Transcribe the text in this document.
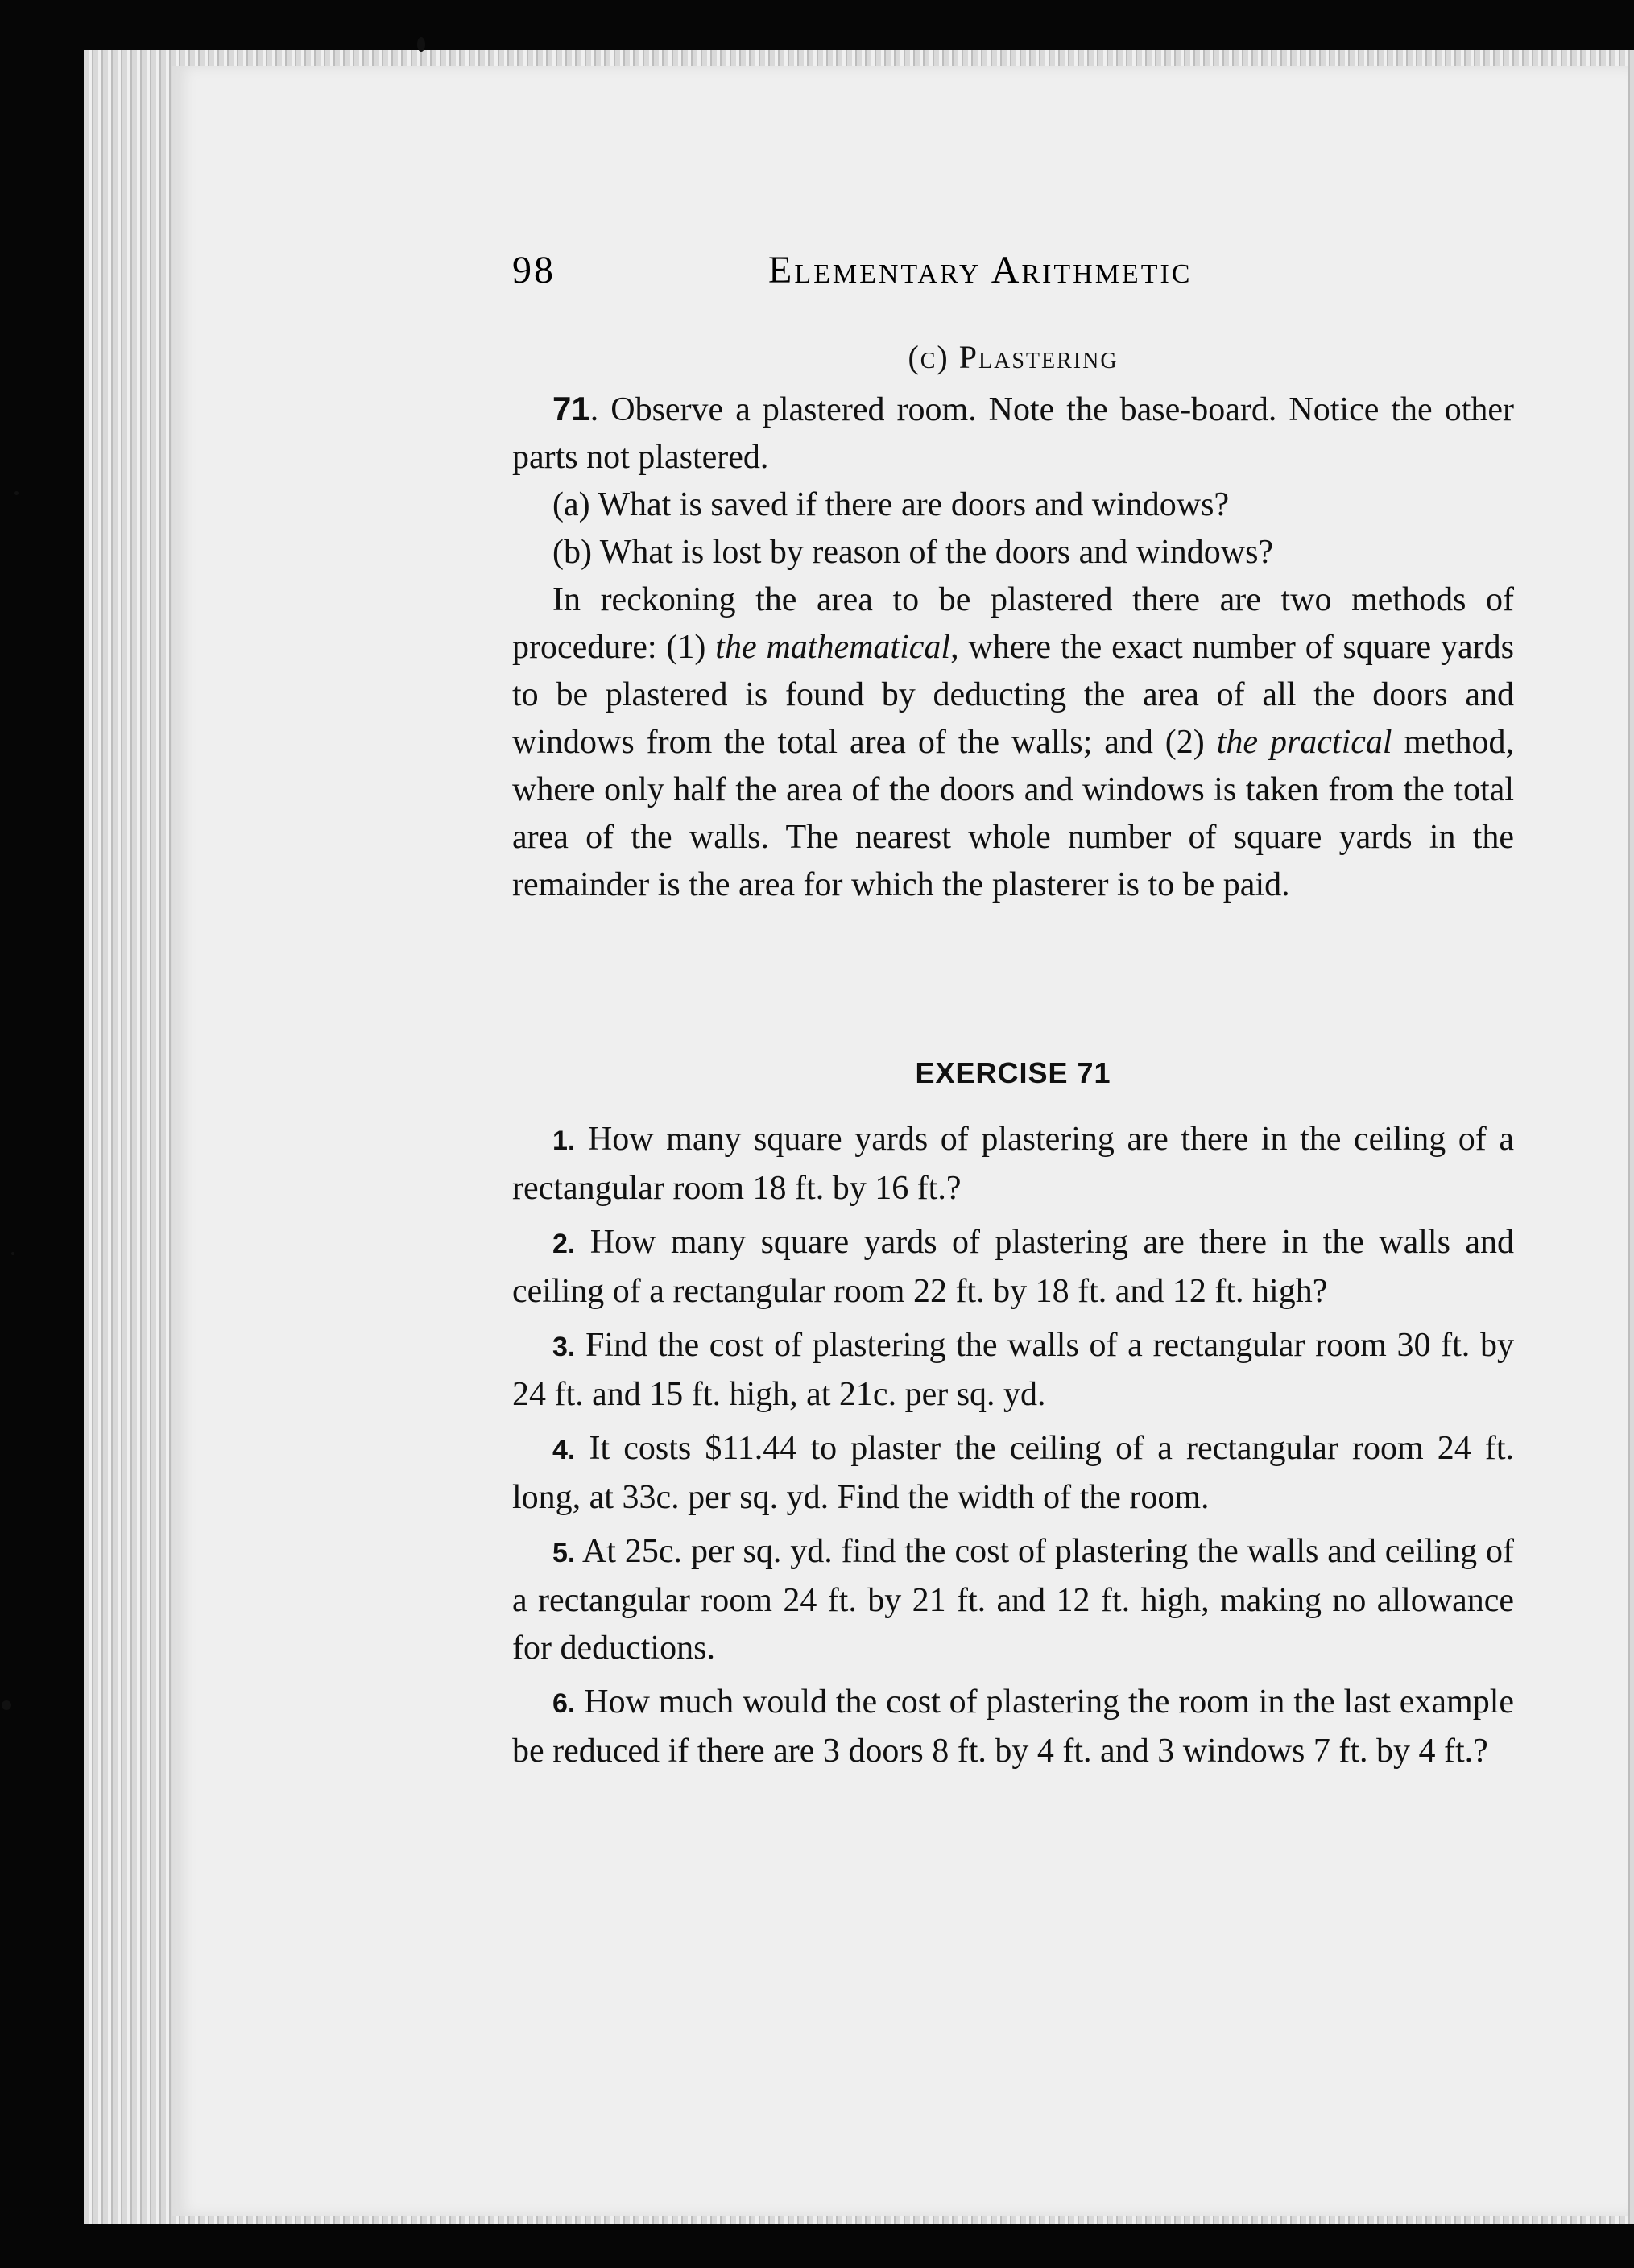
98	Elementary Arithmetic
(c) Plastering

71. Observe a plastered room. Note the base-board. Notice the other parts not plastered.

(a) What is saved if there are doors and windows?

(b) What is lost by reason of the doors and windows?

In reckoning the area to be plastered there are two methods of procedure: (1) the mathematical, where the exact number of square yards to be plastered is found by deducting the area of all the doors and windows from the total area of the walls; and (2) the practical method, where only half the area of the doors and windows is taken from the total area of the walls. The nearest whole number of square yards in the remainder is the area for which the plasterer is to be paid.

EXERCISE 71

1. How many square yards of plastering are there in the ceiling of a rectangular room 18 ft. by 16 ft.?

2. How many square yards of plastering are there in the walls and ceiling of a rectangular room 22 ft. by 18 ft. and 12 ft. high?

3. Find the cost of plastering the walls of a rectangular room 30 ft. by 24 ft. and 15 ft. high, at 21c. per sq. yd.

4. It costs $11.44 to plaster the ceiling of a rectangular room 24 ft. long, at 33c. per sq. yd. Find the width of the room.

5. At 25c. per sq. yd. find the cost of plastering the walls and ceiling of a rectangular room 24 ft. by 21 ft. and 12 ft. high, making no allowance for deductions.

6. How much would the cost of plastering the room in the last example be reduced if there are 3 doors 8 ft. by 4 ft. and 3 windows 7 ft. by 4 ft.?
